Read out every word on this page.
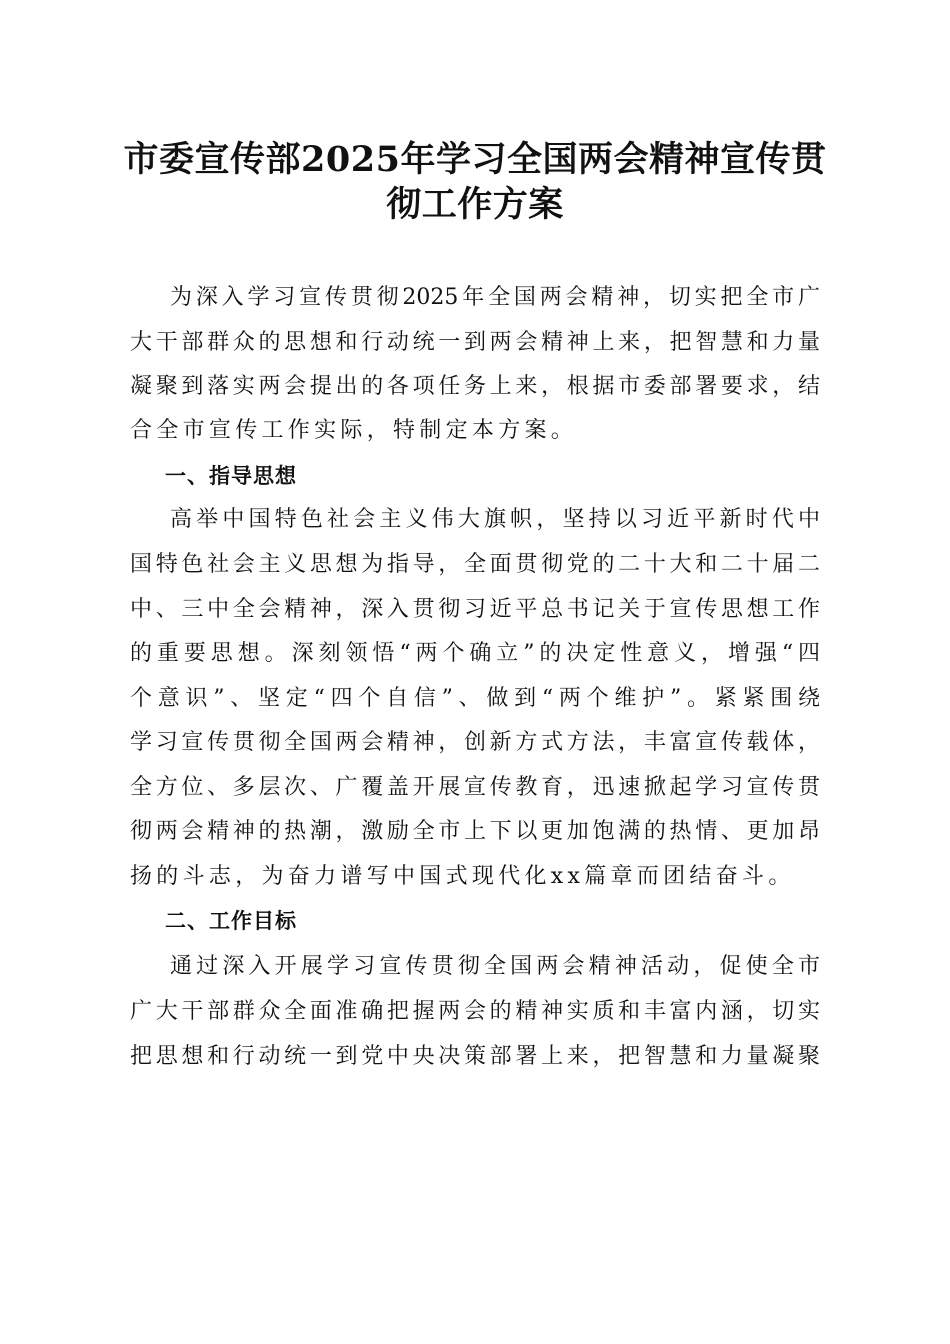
市委宣传部2025年学习全国两会精神宣传贯
彻工作方案
为深入学习宣传贯彻2025年全国两会精神，切实把全市广
大干部群众的思想和行动统一到两会精神上来，把智慧和力量
凝聚到落实两会提出的各项任务上来，根据市委部署要求，结
合全市宣传工作实际，特制定本方案。
一、指导思想
高举中国特色社会主义伟大旗帜，坚持以习近平新时代中
国特色社会主义思想为指导，全面贯彻党的二十大和二十届二
中、三中全会精神，深入贯彻习近平总书记关于宣传思想工作
的重要思想。深刻领悟“两个确立”的决定性意义，增强“四
个意识”、坚定“四个自信”、做到“两个维护”。紧紧围绕
学习宣传贯彻全国两会精神，创新方式方法，丰富宣传载体，
全方位、多层次、广覆盖开展宣传教育，迅速掀起学习宣传贯
彻两会精神的热潮，激励全市上下以更加饱满的热情、更加昂
扬的斗志，为奋力谱写中国式现代化xx篇章而团结奋斗。
二、工作目标
通过深入开展学习宣传贯彻全国两会精神活动，促使全市
广大干部群众全面准确把握两会的精神实质和丰富内涵，切实
把思想和行动统一到党中央决策部署上来，把智慧和力量凝聚
